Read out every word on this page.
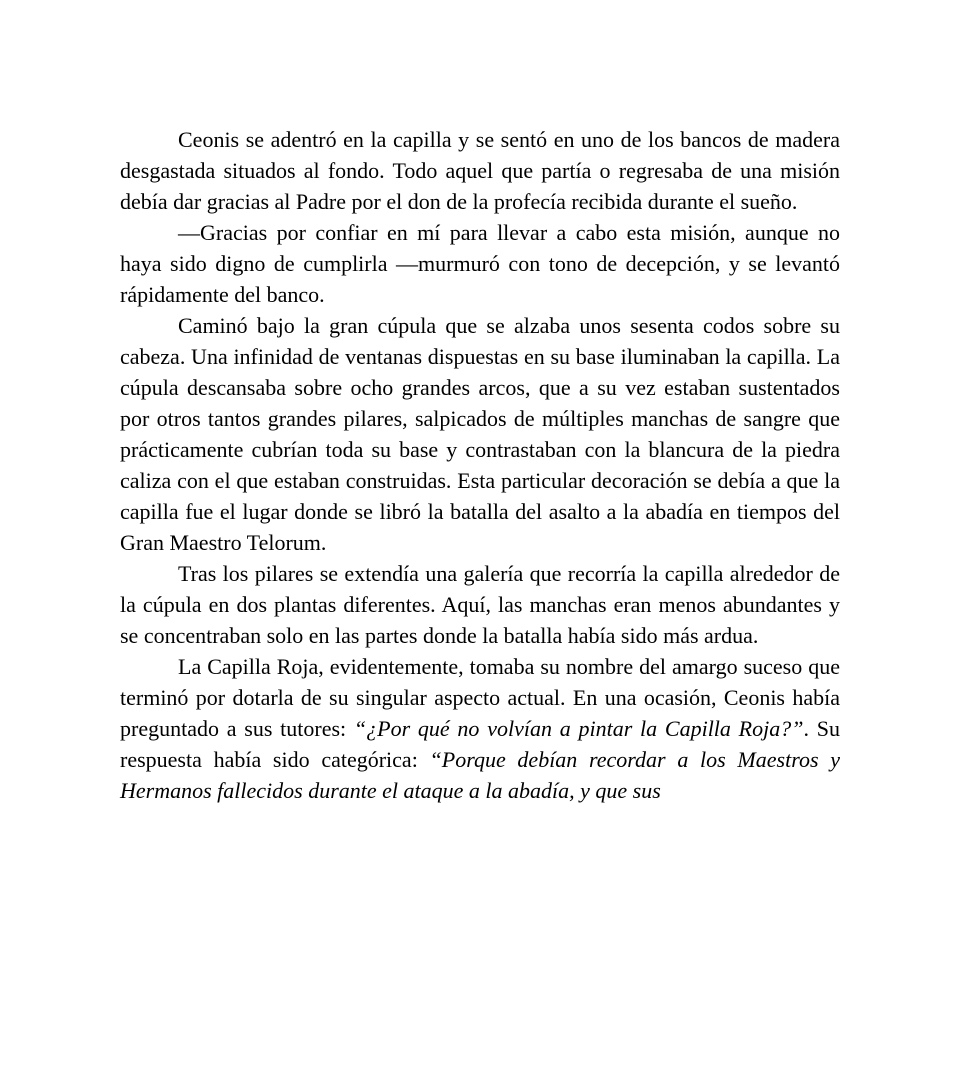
Ceonis se adentró en la capilla y se sentó en uno de los bancos de madera desgastada situados al fondo. Todo aquel que partía o regresaba de una misión debía dar gracias al Padre por el don de la profecía recibida durante el sueño.

—Gracias por confiar en mí para llevar a cabo esta misión, aunque no haya sido digno de cumplirla —murmuró con tono de decepción, y se levantó rápidamente del banco.

Caminó bajo la gran cúpula que se alzaba unos sesenta codos sobre su cabeza. Una infinidad de ventanas dispuestas en su base iluminaban la capilla. La cúpula descansaba sobre ocho grandes arcos, que a su vez estaban sustentados por otros tantos grandes pilares, salpicados de múltiples manchas de sangre que prácticamente cubrían toda su base y contrastaban con la blancura de la piedra caliza con el que estaban construidas. Esta particular decoración se debía a que la capilla fue el lugar donde se libró la batalla del asalto a la abadía en tiempos del Gran Maestro Telorum.

Tras los pilares se extendía una galería que recorría la capilla alrededor de la cúpula en dos plantas diferentes. Aquí, las manchas eran menos abundantes y se concentraban solo en las partes donde la batalla había sido más ardua.

La Capilla Roja, evidentemente, tomaba su nombre del amargo suceso que terminó por dotarla de su singular aspecto actual. En una ocasión, Ceonis había preguntado a sus tutores: “¿Por qué no volvían a pintar la Capilla Roja?”. Su respuesta había sido categórica: “Porque debían recordar a los Maestros y Hermanos fallecidos durante el ataque a la abadía, y que sus
